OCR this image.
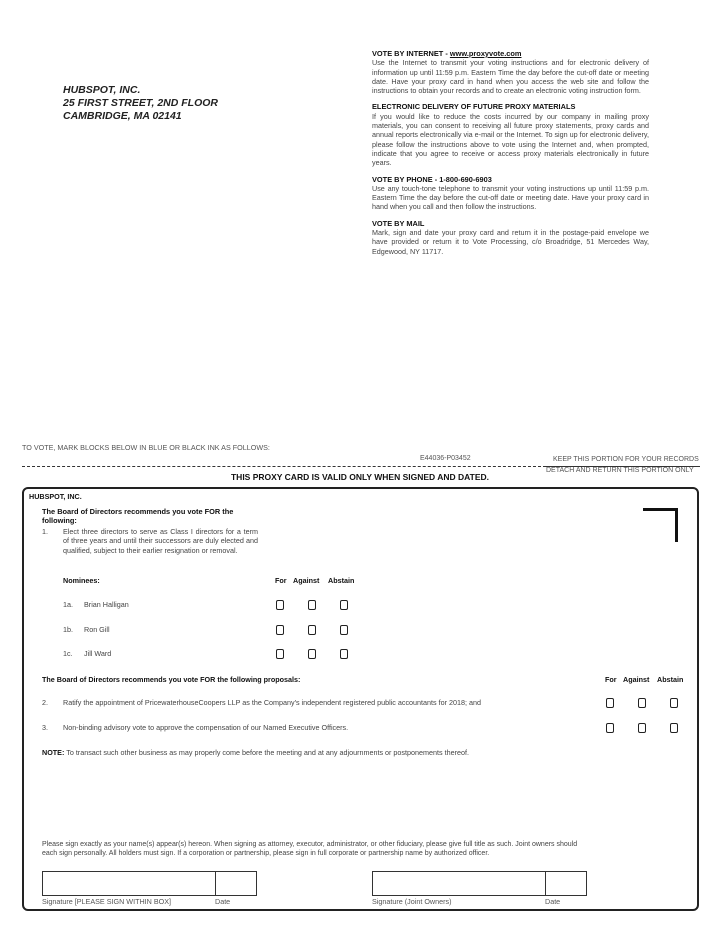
HUBSPOT, INC.
25 FIRST STREET, 2ND FLOOR
CAMBRIDGE, MA 02141
VOTE BY INTERNET - www.proxyvote.com
Use the Internet to transmit your voting instructions and for electronic delivery of information up until 11:59 p.m. Eastern Time the day before the cut-off date or meeting date. Have your proxy card in hand when you access the web site and follow the instructions to obtain your records and to create an electronic voting instruction form.
ELECTRONIC DELIVERY OF FUTURE PROXY MATERIALS
If you would like to reduce the costs incurred by our company in mailing proxy materials, you can consent to receiving all future proxy statements, proxy cards and annual reports electronically via e-mail or the Internet. To sign up for electronic delivery, please follow the instructions above to vote using the Internet and, when prompted, indicate that you agree to receive or access proxy materials electronically in future years.
VOTE BY PHONE - 1-800-690-6903
Use any touch-tone telephone to transmit your voting instructions up until 11:59 p.m. Eastern Time the day before the cut-off date or meeting date. Have your proxy card in hand when you call and then follow the instructions.
VOTE BY MAIL
Mark, sign and date your proxy card and return it in the postage-paid envelope we have provided or return it to Vote Processing, c/o Broadridge, 51 Mercedes Way, Edgewood, NY 11717.
TO VOTE, MARK BLOCKS BELOW IN BLUE OR BLACK INK AS FOLLOWS:
E44036-P03452	KEEP THIS PORTION FOR YOUR RECORDS
DETACH AND RETURN THIS PORTION ONLY
THIS PROXY CARD IS VALID ONLY WHEN SIGNED AND DATED.
HUBSPOT, INC.
The Board of Directors recommends you vote FOR the following:
1. Elect three directors to serve as Class I directors for a term of three years and until their successors are duly elected and qualified, subject to their earlier resignation or removal.
Nominees:	For Against Abstain
1a. Brian Halligan
1b. Ron Gill
1c. Jill Ward
The Board of Directors recommends you vote FOR the following proposals:	For Against Abstain
2. Ratify the appointment of PricewaterhouseCoopers LLP as the Company's independent registered public accountants for 2018; and
3. Non-binding advisory vote to approve the compensation of our Named Executive Officers.
NOTE: To transact such other business as may properly come before the meeting and at any adjournments or postponements thereof.
Please sign exactly as your name(s) appear(s) hereon. When signing as attorney, executor, administrator, or other fiduciary, please give full title as such. Joint owners should each sign personally. All holders must sign. If a corporation or partnership, please sign in full corporate or partnership name by authorized officer.
Signature [PLEASE SIGN WITHIN BOX]	Date	Signature (Joint Owners)	Date
